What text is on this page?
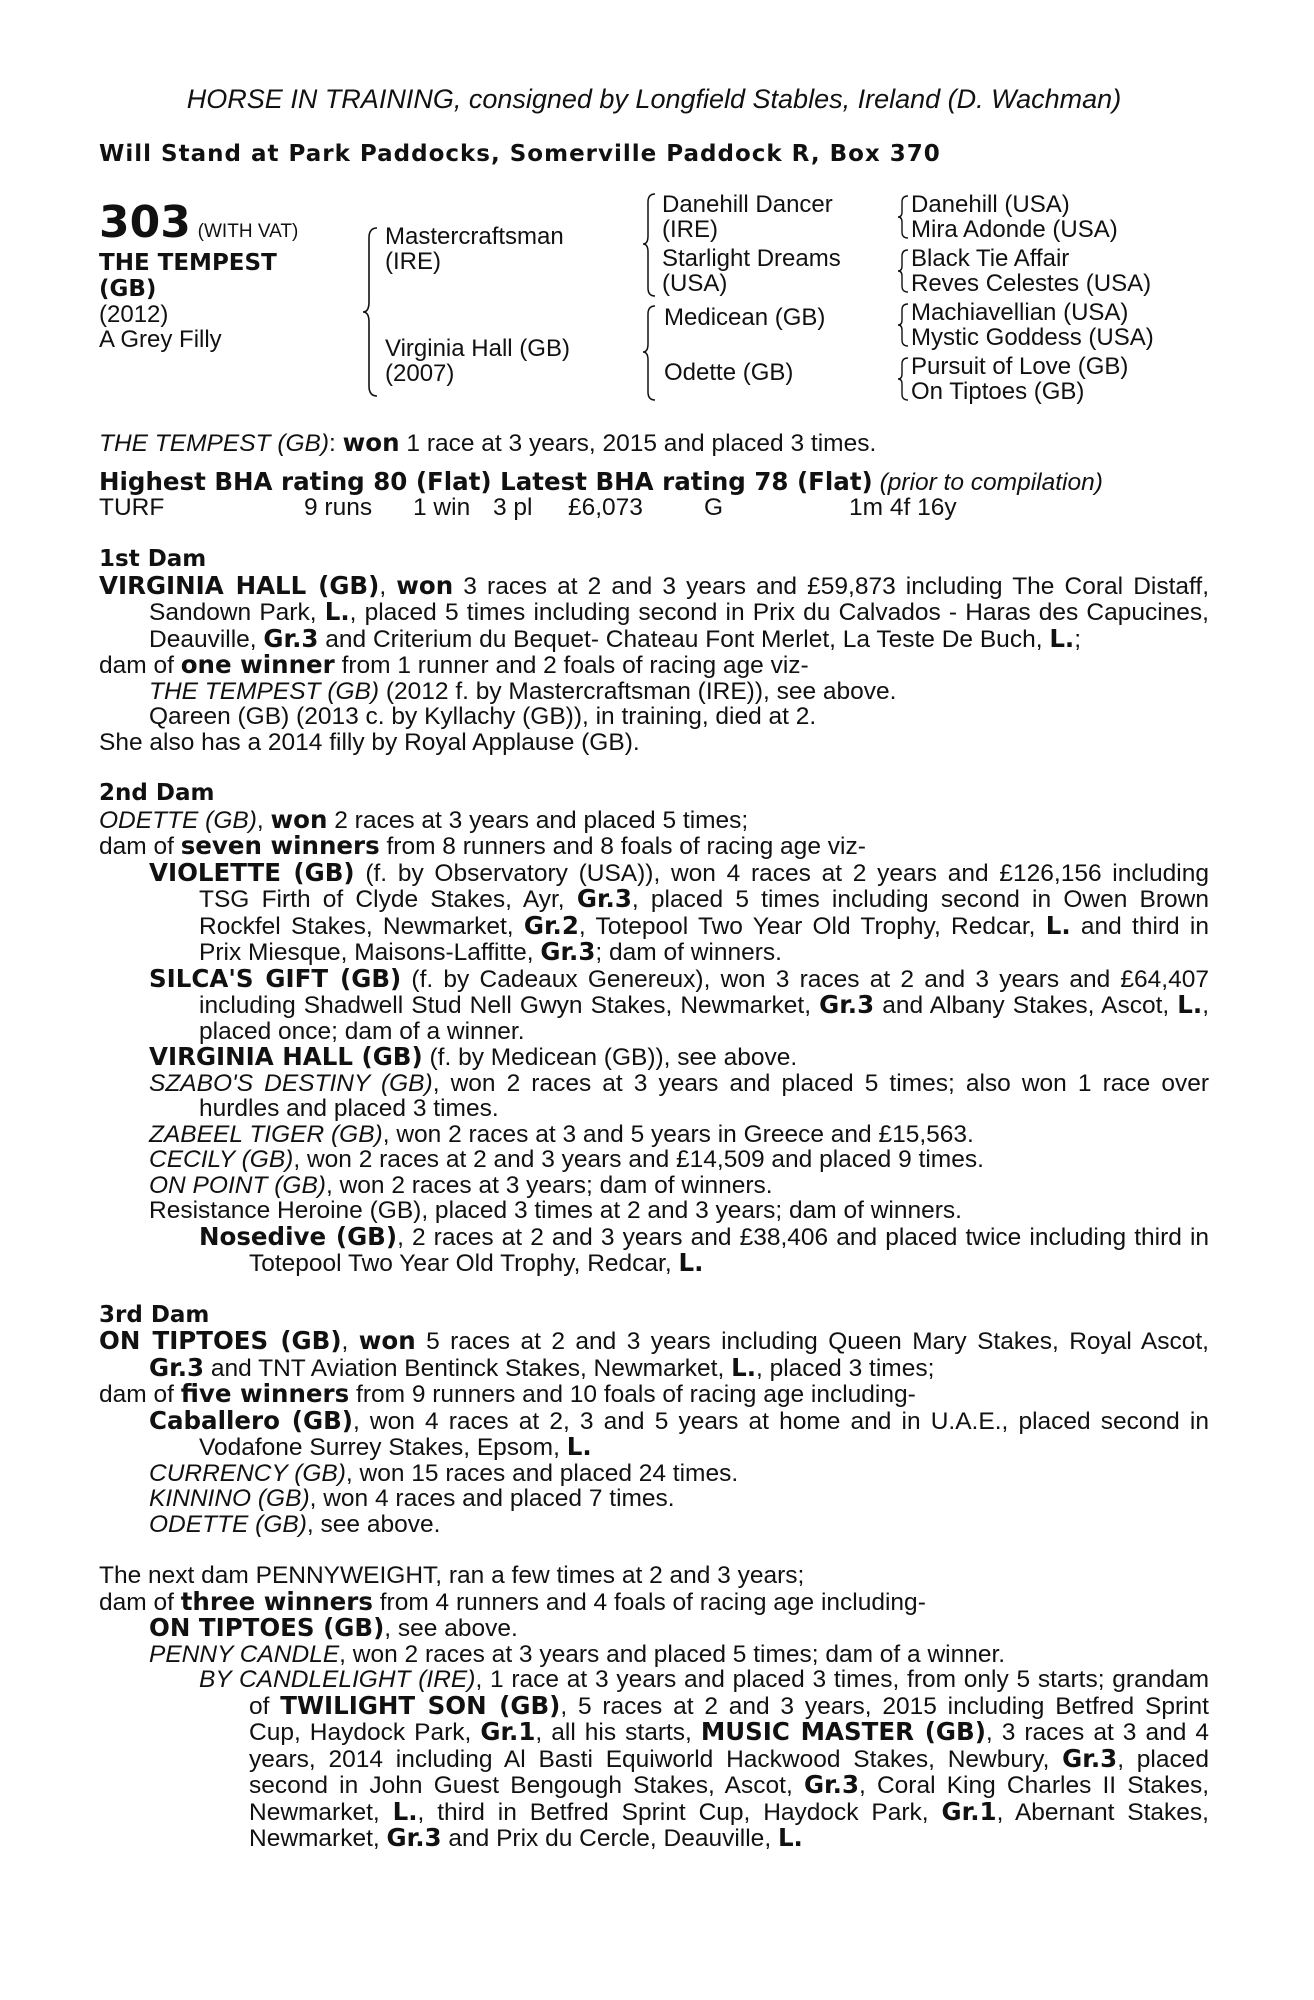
HORSE IN TRAINING, consigned by Longfield Stables, Ireland (D. Wachman)
Will Stand at Park Paddocks, Somerville Paddock R, Box 370
303 (WITH VAT)
THE TEMPEST
(GB)
(2012)
A Grey Filly
Mastercraftsman
(IRE)
Virginia Hall (GB)
(2007)
Danehill Dancer
(IRE)
Starlight Dreams
(USA)
Medicean (GB)
Odette (GB)
Danehill (USA)
Mira Adonde (USA)
Black Tie Affair
Reves Celestes (USA)
Machiavellian (USA)
Mystic Goddess (USA)
Pursuit of Love (GB)
On Tiptoes (GB)

THE TEMPEST (GB): won 1 race at 3 years, 2015 and placed 3 times.

Highest BHA rating 80 (Flat) Latest BHA rating 78 (Flat) (prior to compilation)

TURF	9 runs 1 win 3 pl £6,073 G	1m 4f 16y
1st Dam

VIRGINIA HALL (GB), won 3 races at 2 and 3 years and £59,873 including The Coral Distaff, Sandown Park, L., placed 5 times including second in Prix du Calvados - Haras des Capucines, Deauville, Gr.3 and Criterium du Bequet- Chateau Font Merlet, La Teste De Buch, L.;

dam of one winner from 1 runner and 2 foals of racing age viz-

THE TEMPEST (GB) (2012 f. by Mastercraftsman (IRE)), see above.

Qareen (GB) (2013 c. by Kyllachy (GB)), in training, died at 2.

She also has a 2014 filly by Royal Applause (GB).

2nd Dam

ODETTE (GB), won 2 races at 3 years and placed 5 times;

dam of seven winners from 8 runners and 8 foals of racing age viz-

VIOLETTE (GB) (f. by Observatory (USA)), won 4 races at 2 years and £126,156 including TSG Firth of Clyde Stakes, Ayr, Gr.3, placed 5 times including second in Owen Brown Rockfel Stakes, Newmarket, Gr.2, Totepool Two Year Old Trophy, Redcar, L. and third in Prix Miesque, Maisons-Laffitte, Gr.3; dam of winners.

SILCA'S GIFT (GB) (f. by Cadeaux Genereux), won 3 races at 2 and 3 years and £64,407 including Shadwell Stud Nell Gwyn Stakes, Newmarket, Gr.3 and Albany Stakes, Ascot, L., placed once; dam of a winner.

VIRGINIA HALL (GB) (f. by Medicean (GB)), see above.

SZABO'S DESTINY (GB), won 2 races at 3 years and placed 5 times; also won 1 race over hurdles and placed 3 times.

ZABEEL TIGER (GB), won 2 races at 3 and 5 years in Greece and £15,563.

CECILY (GB), won 2 races at 2 and 3 years and £14,509 and placed 9 times.

ON POINT (GB), won 2 races at 3 years; dam of winners.

Resistance Heroine (GB), placed 3 times at 2 and 3 years; dam of winners.

Nosedive (GB), 2 races at 2 and 3 years and £38,406 and placed twice including third in Totepool Two Year Old Trophy, Redcar, L.

3rd Dam

ON TIPTOES (GB), won 5 races at 2 and 3 years including Queen Mary Stakes, Royal Ascot, Gr.3 and TNT Aviation Bentinck Stakes, Newmarket, L., placed 3 times;

dam of five winners from 9 runners and 10 foals of racing age including-

Caballero (GB), won 4 races at 2, 3 and 5 years at home and in U.A.E., placed second in Vodafone Surrey Stakes, Epsom, L.

CURRENCY (GB), won 15 races and placed 24 times.

KINNINO (GB), won 4 races and placed 7 times.

ODETTE (GB), see above.

The next dam PENNYWEIGHT, ran a few times at 2 and 3 years;

dam of three winners from 4 runners and 4 foals of racing age including-

ON TIPTOES (GB), see above.

PENNY CANDLE, won 2 races at 3 years and placed 5 times; dam of a winner.

BY CANDLELIGHT (IRE), 1 race at 3 years and placed 3 times, from only 5 starts; grandam of TWILIGHT SON (GB), 5 races at 2 and 3 years, 2015 including Betfred Sprint Cup, Haydock Park, Gr.1, all his starts, MUSIC MASTER (GB), 3 races at 3 and 4 years, 2014 including Al Basti Equiworld Hackwood Stakes, Newbury, Gr.3, placed second in John Guest Bengough Stakes, Ascot, Gr.3, Coral King Charles II Stakes, Newmarket, L., third in Betfred Sprint Cup, Haydock Park, Gr.1, Abernant Stakes, Newmarket, Gr.3 and Prix du Cercle, Deauville, L.
